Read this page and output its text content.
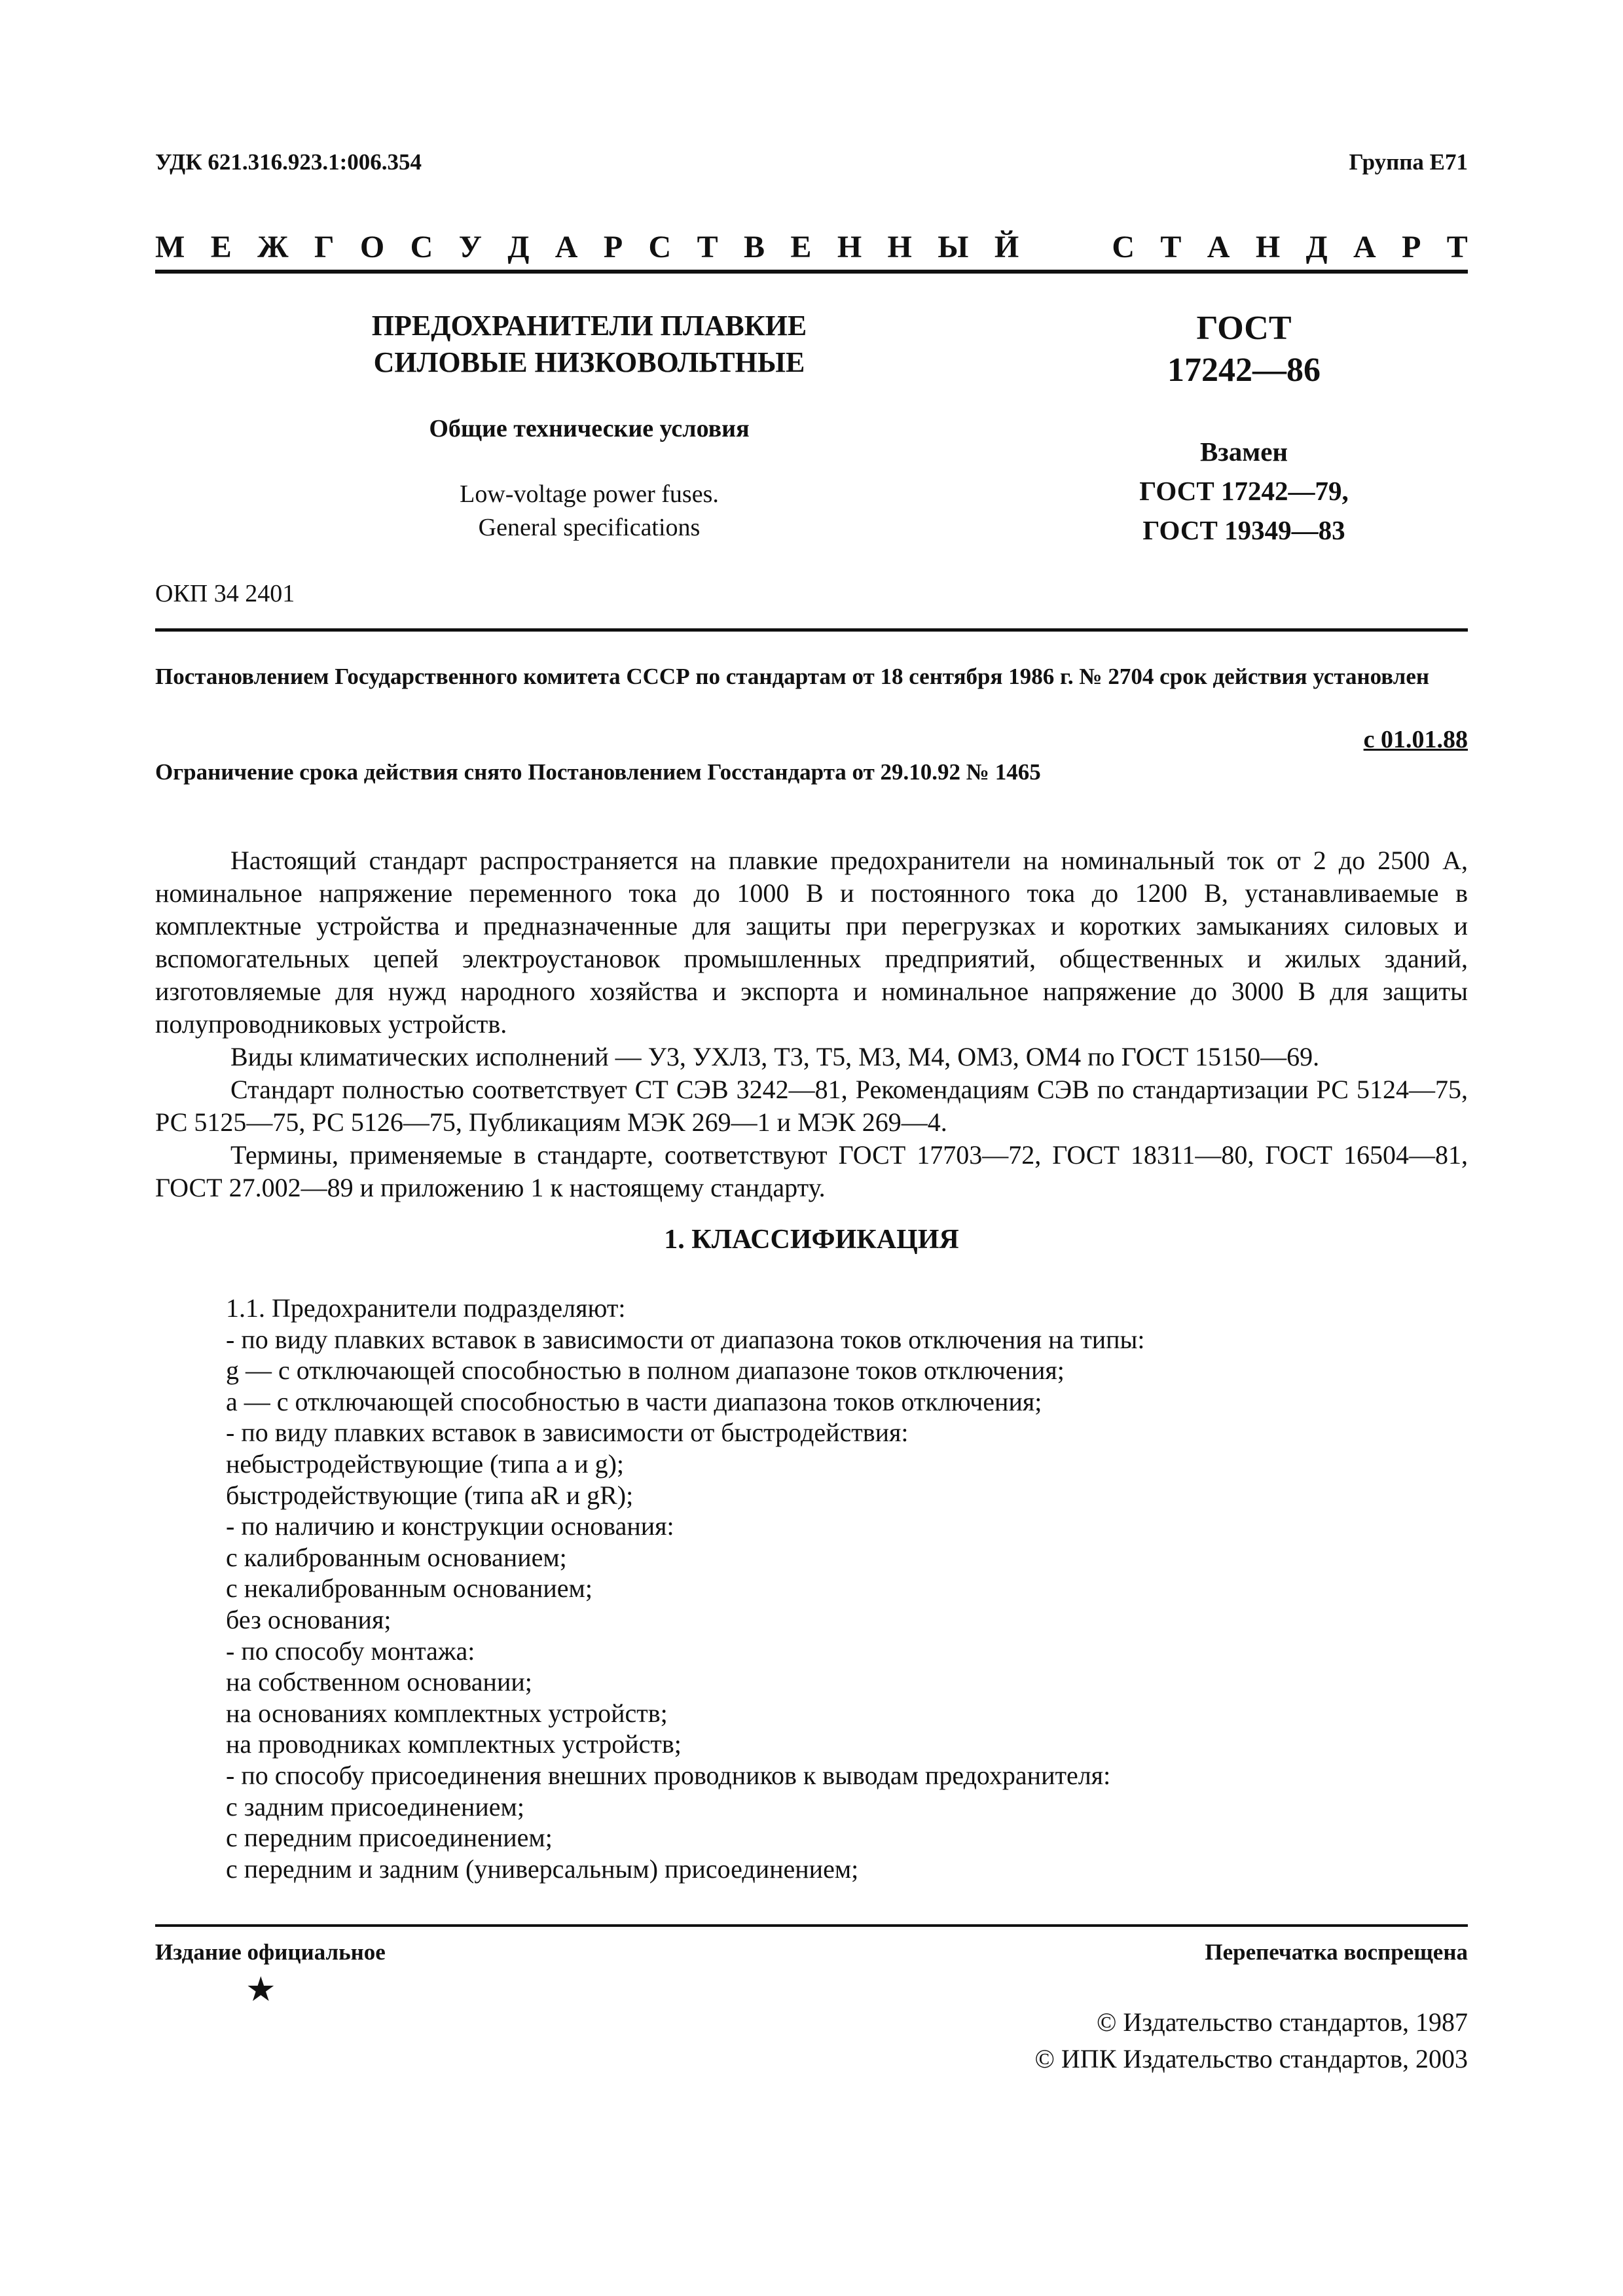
УДК 621.316.923.1:006.354	Группа Е71
М Е Ж Г О С У Д А Р С Т В Е Н Н Ы Й

	С Т А Н Д А Р Т
ПРЕДОХРАНИТЕЛИ ПЛАВКИЕ
СИЛОВЫЕ НИЗКОВОЛЬТНЫЕ
Общие технические условия
Low-voltage power fuses.
General specifications
ГОСТ
17242—86
Взамен
ГОСТ 17242—79,
ГОСТ 19349—83
ОКП 34 2401
Постановлением Государственного комитета СССР по стандартам от 18 сентября 1986 г. № 2704 срок действия установлен
с 01.01.88
Ограничение срока действия снято Постановлением Госстандарта от 29.10.92 № 1465

Настоящий стандарт распространяется на плавкие предохранители на номинальный ток от 2 до 2500 А, номинальное напряжение переменного тока до 1000 В и постоянного тока до 1200 В, устанавливаемые в комплектные устройства и предназначенные для защиты при перегрузках и коротких замыканиях силовых и вспомогательных цепей электроустановок промышленных предприятий, общественных и жилых зданий, изготовляемые для нужд народного хозяйства и экспорта и номинальное напряжение до 3000 В для защиты полупроводниковых устройств.

Виды климатических исполнений — У3, УХЛ3, Т3, Т5, М3, М4, ОМ3, ОМ4 по ГОСТ 15150—69.

Стандарт полностью соответствует СТ СЭВ 3242—81, Рекомендациям СЭВ по стандартизации РС 5124—75, РС 5125—75, РС 5126—75, Публикациям МЭК 269—1 и МЭК 269—4.

Термины, применяемые в стандарте, соответствуют ГОСТ 17703—72, ГОСТ 18311—80, ГОСТ 16504—81, ГОСТ 27.002—89 и приложению 1 к настоящему стандарту.

1. КЛАССИФИКАЦИЯ
1.1. Предохранители подразделяют:
- по виду плавких вставок в зависимости от диапазона токов отключения на типы:
g — с отключающей способностью в полном диапазоне токов отключения;
a — с отключающей способностью в части диапазона токов отключения;
- по виду плавких вставок в зависимости от быстродействия:
небыстродействующие (типа a и g);
быстродействующие (типа aR и gR);
- по наличию и конструкции основания:
с калиброванным основанием;
с некалиброванным основанием;
без основания;
- по способу монтажа:
на собственном основании;
на основаниях комплектных устройств;
на проводниках комплектных устройств;
- по способу присоединения внешних проводников к выводам предохранителя:
с задним присоединением;
с передним присоединением;
с передним и задним (универсальным) присоединением;
Издание официальное	Перепечатка воспрещена
★
© Издательство стандартов, 1987
© ИПК Издательство стандартов, 2003
